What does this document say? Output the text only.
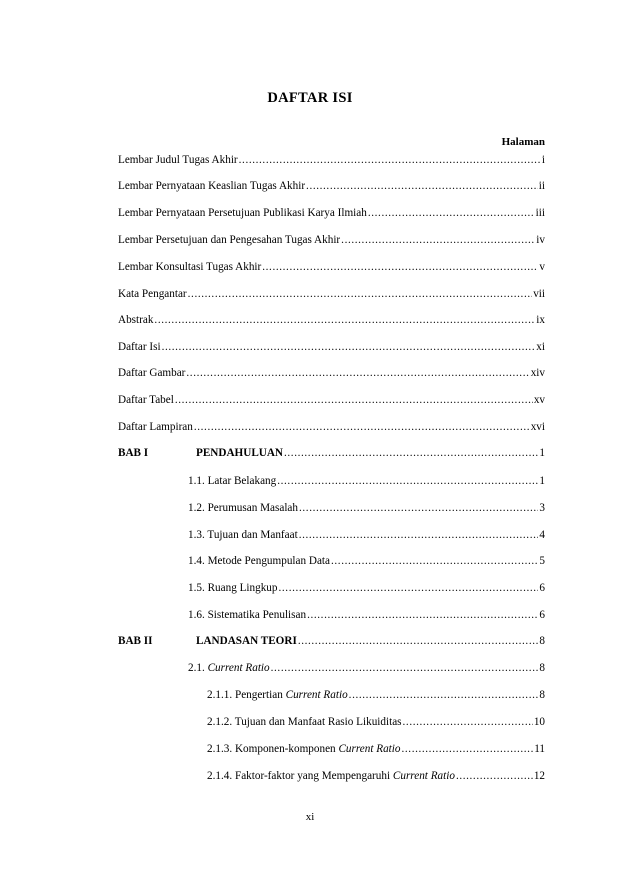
DAFTAR ISI
Halaman
Lembar Judul Tugas Akhir .....	i
Lembar Pernyataan Keaslian Tugas Akhir .....	ii
Lembar Pernyataan Persetujuan Publikasi Karya Ilmiah .....	iii
Lembar Persetujuan dan Pengesahan Tugas Akhir .....	iv
Lembar Konsultasi Tugas Akhir .....	v
Kata Pengantar .....	vii
Abstrak .....	ix
Daftar Isi .....	xi
Daftar Gambar .....	xiv
Daftar Tabel .....	xv
Daftar Lampiran .....	xvi
BAB I	PENDAHULUAN .....	1
1.1. Latar Belakang .....	1
1.2. Perumusan Masalah .....	3
1.3. Tujuan dan Manfaat .....	4
1.4. Metode Pengumpulan Data .....	5
1.5. Ruang Lingkup .....	6
1.6. Sistematika Penulisan .....	6
BAB II	LANDASAN TEORI .....	8
2.1. Current Ratio .....	8
2.1.1. Pengertian Current Ratio .....	8
2.1.2. Tujuan dan Manfaat Rasio Likuiditas .....	10
2.1.3. Komponen-komponen Current Ratio .....	11
2.1.4. Faktor-faktor yang Mempengaruhi Current Ratio .....	12
xi
